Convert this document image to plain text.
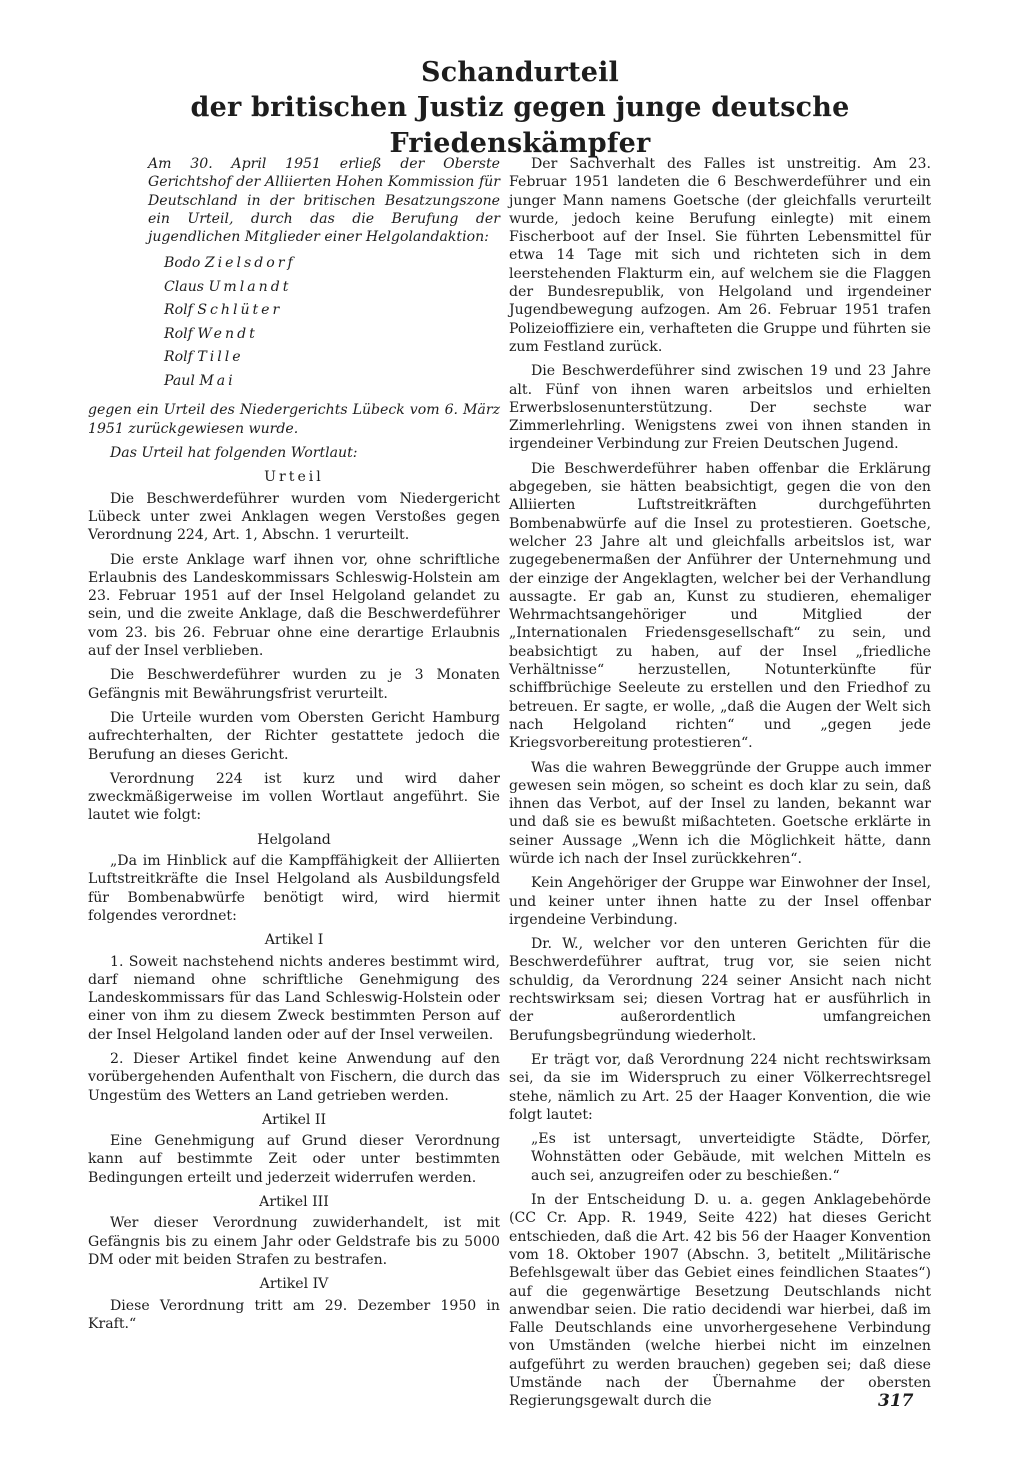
Schandurteil
der britischen Justiz gegen junge deutsche Friedenskämpfer

Am 30. April 1951 erließ der Oberste Gerichtshof der Alliierten Hohen Kommission für Deutschland in der britischen Besatzungszone ein Urteil, durch das die Berufung der jugendlichen Mitglieder einer Helgolandaktion:

Bodo Zielsdorf
Claus Umlandt
Rolf Schlüter
Rolf Wendt
Rolf Tille
Paul Mai

gegen ein Urteil des Niedergerichts Lübeck vom 6. März 1951 zurückgewiesen wurde.

Das Urteil hat folgenden Wortlaut:

Urteil

Die Beschwerdeführer wurden vom Niedergericht Lübeck unter zwei Anklagen wegen Verstoßes gegen Verordnung 224, Art. 1, Abschn. 1 verurteilt.

Die erste Anklage warf ihnen vor, ohne schriftliche Erlaubnis des Landeskommissars Schleswig-Holstein am 23. Februar 1951 auf der Insel Helgoland gelandet zu sein, und die zweite Anklage, daß die Beschwerdeführer vom 23. bis 26. Februar ohne eine derartige Erlaubnis auf der Insel verblieben.

Die Beschwerdeführer wurden zu je 3 Monaten Gefängnis mit Bewährungsfrist verurteilt.

Die Urteile wurden vom Obersten Gericht Hamburg aufrechterhalten, der Richter gestattete jedoch die Berufung an dieses Gericht.

Verordnung 224 ist kurz und wird daher zweckmäßigerweise im vollen Wortlaut angeführt. Sie lautet wie folgt:

Helgoland

„Da im Hinblick auf die Kampffähigkeit der Alliierten Luftstreitkräfte die Insel Helgoland als Ausbildungsfeld für Bombenabwürfe benötigt wird, wird hiermit folgendes verordnet:

Artikel I

1. Soweit nachstehend nichts anderes bestimmt wird, darf niemand ohne schriftliche Genehmigung des Landeskommissars für das Land Schleswig-Holstein oder einer von ihm zu diesem Zweck bestimmten Person auf der Insel Helgoland landen oder auf der Insel verweilen.

2. Dieser Artikel findet keine Anwendung auf den vorübergehenden Aufenthalt von Fischern, die durch das Ungestüm des Wetters an Land getrieben werden.

Artikel II

Eine Genehmigung auf Grund dieser Verordnung kann auf bestimmte Zeit oder unter bestimmten Bedingungen erteilt und jederzeit widerrufen werden.

Artikel III

Wer dieser Verordnung zuwiderhandelt, ist mit Gefängnis bis zu einem Jahr oder Geldstrafe bis zu 5000 DM oder mit beiden Strafen zu bestrafen.

Artikel IV

Diese Verordnung tritt am 29. Dezember 1950 in Kraft.“

Der Sachverhalt des Falles ist unstreitig. Am 23. Februar 1951 landeten die 6 Beschwerdeführer und ein junger Mann namens Goetsche (der gleichfalls verurteilt wurde, jedoch keine Berufung einlegte) mit einem Fischerboot auf der Insel. Sie führten Lebensmittel für etwa 14 Tage mit sich und richteten sich in dem leerstehenden Flakturm ein, auf welchem sie die Flaggen der Bundesrepublik, von Helgoland und irgendeiner Jugendbewegung aufzogen. Am 26. Februar 1951 trafen Polizeioffiziere ein, verhafteten die Gruppe und führten sie zum Festland zurück.

Die Beschwerdeführer sind zwischen 19 und 23 Jahre alt. Fünf von ihnen waren arbeitslos und erhielten Erwerbslosenunterstützung. Der sechste war Zimmerlehrling. Wenigstens zwei von ihnen standen in irgendeiner Verbindung zur Freien Deutschen Jugend.

Die Beschwerdeführer haben offenbar die Erklärung abgegeben, sie hätten beabsichtigt, gegen die von den Alliierten Luftstreitkräften durchgeführten Bombenabwürfe auf die Insel zu protestieren. Goetsche, welcher 23 Jahre alt und gleichfalls arbeitslos ist, war zugegebenermaßen der Anführer der Unternehmung und der einzige der Angeklagten, welcher bei der Verhandlung aussagte. Er gab an, Kunst zu studieren, ehemaliger Wehrmachtsangehöriger und Mitglied der „Internationalen Friedensgesellschaft“ zu sein, und beabsichtigt zu haben, auf der Insel „friedliche Verhältnisse“ herzustellen, Notunterkünfte für schiffbrüchige Seeleute zu erstellen und den Friedhof zu betreuen. Er sagte, er wolle, „daß die Augen der Welt sich nach Helgoland richten“ und „gegen jede Kriegsvorbereitung protestieren“.

Was die wahren Beweggründe der Gruppe auch immer gewesen sein mögen, so scheint es doch klar zu sein, daß ihnen das Verbot, auf der Insel zu landen, bekannt war und daß sie es bewußt mißachteten. Goetsche erklärte in seiner Aussage „Wenn ich die Möglichkeit hätte, dann würde ich nach der Insel zurückkehren“.

Kein Angehöriger der Gruppe war Einwohner der Insel, und keiner unter ihnen hatte zu der Insel offenbar irgendeine Verbindung.

Dr. W., welcher vor den unteren Gerichten für die Beschwerdeführer auftrat, trug vor, sie seien nicht schuldig, da Verordnung 224 seiner Ansicht nach nicht rechtswirksam sei; diesen Vortrag hat er ausführlich in der außerordentlich umfangreichen Berufungsbegründung wiederholt.

Er trägt vor, daß Verordnung 224 nicht rechtswirksam sei, da sie im Widerspruch zu einer Völkerrechtsregel stehe, nämlich zu Art. 25 der Haager Konvention, die wie folgt lautet:

„Es ist untersagt, unverteidigte Städte, Dörfer, Wohnstätten oder Gebäude, mit welchen Mitteln es auch sei, anzugreifen oder zu beschießen.“

In der Entscheidung D. u. a. gegen Anklagebehörde (CC Cr. App. R. 1949, Seite 422) hat dieses Gericht entschieden, daß die Art. 42 bis 56 der Haager Konvention vom 18. Oktober 1907 (Abschn. 3, betitelt „Militärische Befehlsgewalt über das Gebiet eines feindlichen Staates“) auf die gegenwärtige Besetzung Deutschlands nicht anwendbar seien. Die ratio decidendi war hierbei, daß im Falle Deutschlands eine unvorhergesehene Verbindung von Umständen (welche hierbei nicht im einzelnen aufgeführt zu werden brauchen) gegeben sei; daß diese Umstände nach der Übernahme der obersten Regierungsgewalt durch die	317
